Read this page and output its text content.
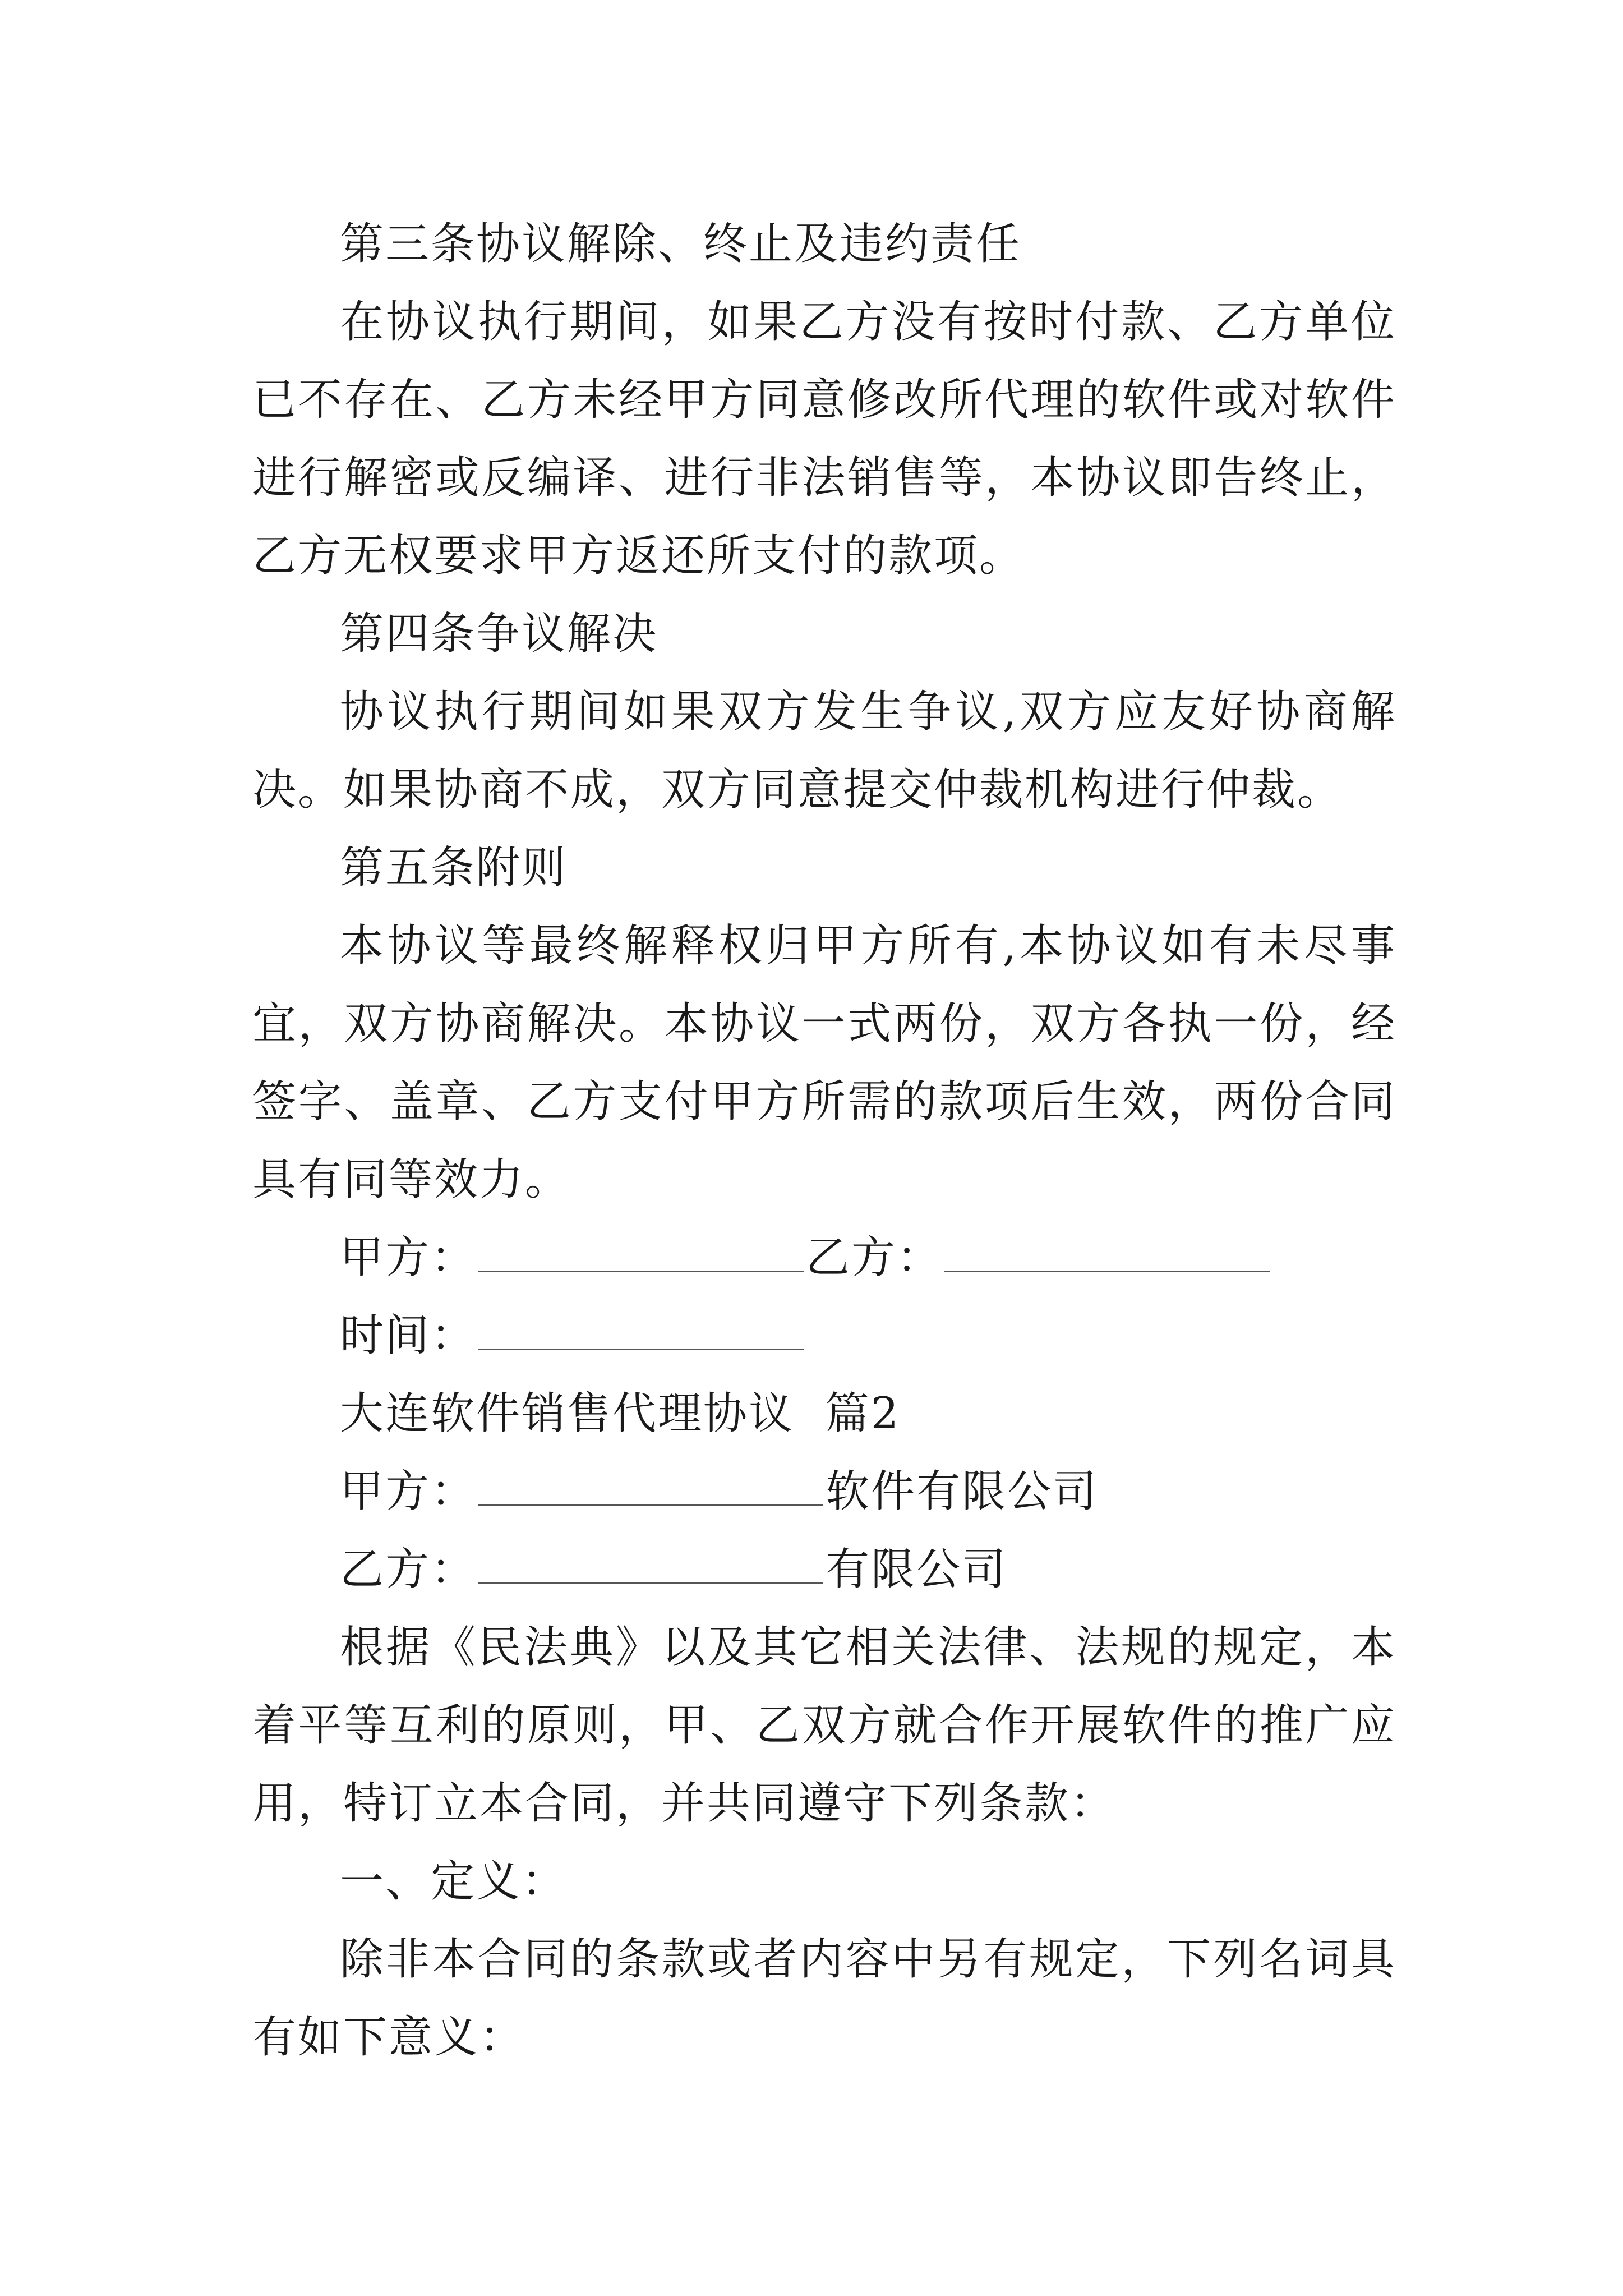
第三条协议解除、终止及违约责任

在协议执行期间，如果乙方没有按时付款、乙方单位已不存在、乙方未经甲方同意修改所代理的软件或对软件进行解密或反编译、进行非法销售等，本协议即告终止，乙方无权要求甲方返还所支付的款项。

第四条争议解决

协议执行期间如果双方发生争议,双方应友好协商解决。如果协商不成，双方同意提交仲裁机构进行仲裁。

第五条附则

本协议等最终解释权归甲方所有,本协议如有未尽事宜，双方协商解决。本协议一式两份，双方各执一份，经签字、盖章、乙方支付甲方所需的款项后生效，两份合同具有同等效力。

甲方：	乙方：

时间：

大连软件销售代理协议  篇2

甲方：	软件有限公司

乙方：	有限公司

根据《民法典》以及其它相关法律、法规的规定，本着平等互利的原则，甲、乙双方就合作开展软件的推广应用，特订立本合同，并共同遵守下列条款：

一、定义：

除非本合同的条款或者内容中另有规定，下列名词具有如下意义：
